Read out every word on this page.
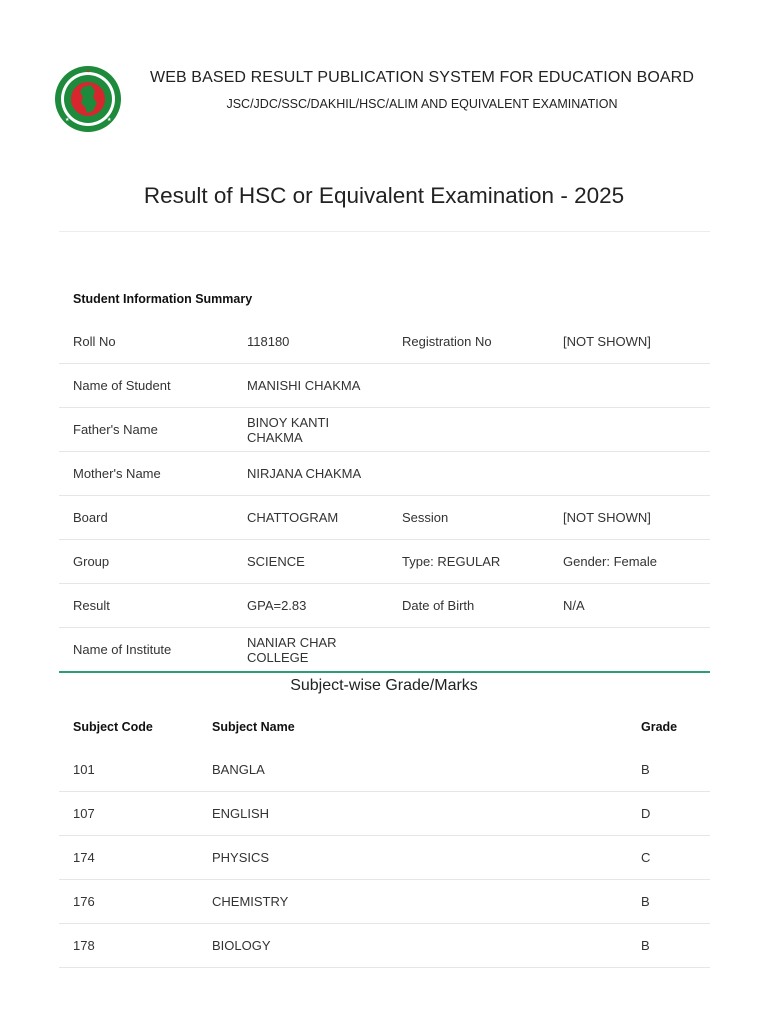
✦
★	★
WEB BASED RESULT PUBLICATION SYSTEM FOR EDUCATION BOARD
JSC/JDC/SSC/DAKHIL/HSC/ALIM AND EQUIVALENT EXAMINATION
Result of HSC or Equivalent Examination - 2025
Student Information Summary
Roll No	118180	Registration No	[NOT SHOWN]
Name of Student	MANISHI CHAKMA		
Father's Name	BINOY KANTI CHAKMA		
Mother's Name	NIRJANA CHAKMA		
Board	CHATTOGRAM	Session	[NOT SHOWN]
Group	SCIENCE	Type: REGULAR	Gender: Female
Result	GPA=2.83	Date of Birth	N/A
Name of Institute	NANIAR CHAR COLLEGE		
Subject-wise Grade/Marks
Subject Code	Subject Name	Grade
101	BANGLA	B
107	ENGLISH	D
174	PHYSICS	C
176	CHEMISTRY	B
178	BIOLOGY	B
